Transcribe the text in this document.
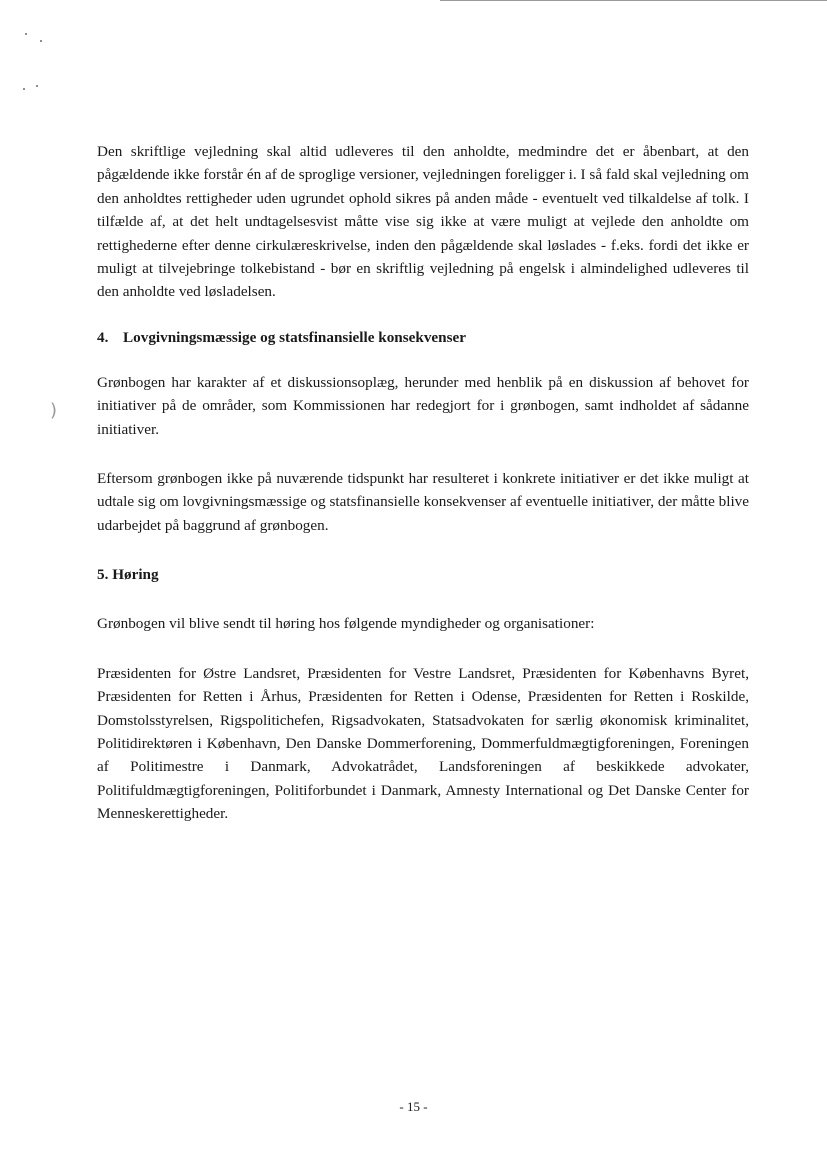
)

Den skriftlige vejledning skal altid udleveres til den anholdte, medmindre det er åbenbart, at den pågældende ikke forstår én af de sproglige versioner, vejledningen foreligger i. I så fald skal vejledning om den anholdtes rettigheder uden ugrundet ophold sikres på anden måde - eventuelt ved tilkaldelse af tolk. I tilfælde af, at det helt undtagelsesvist måtte vise sig ikke at være muligt at vejlede den anholdte om rettighederne efter denne cirkulæreskrivelse, inden den pågældende skal løslades - f.eks. fordi det ikke er muligt at tilvejebringe tolkebistand - bør en skriftlig vejledning på engelsk i almindelighed udleveres til den anholdte ved løsladelsen.

4. Lovgivningsmæssige og statsfinansielle konsekvenser

Grønbogen har karakter af et diskussionsoplæg, herunder med henblik på en diskussion af behovet for initiativer på de områder, som Kommissionen har redegjort for i grønbogen, samt indholdet af sådanne initiativer.

Eftersom grønbogen ikke på nuværende tidspunkt har resulteret i konkrete initiativer er det ikke muligt at udtale sig om lovgivningsmæssige og statsfinansielle konsekvenser af eventuelle initiativer, der måtte blive udarbejdet på baggrund af grønbogen.

5. Høring

Grønbogen vil blive sendt til høring hos følgende myndigheder og organisationer:

Præsidenten for Østre Landsret, Præsidenten for Vestre Landsret, Præsidenten for Københavns Byret, Præsidenten for Retten i Århus, Præsidenten for Retten i Odense, Præsidenten for Retten i Roskilde, Domstolsstyrelsen, Rigspolitichefen, Rigsadvokaten, Statsadvokaten for særlig økonomisk kriminalitet, Politidirektøren i København, Den Danske Dommerforening, Dommerfuldmægtigforeningen, Foreningen af Politimestre i Danmark, Advokatrådet, Landsforeningen af beskikkede advokater, Politifuldmægtigforeningen, Politiforbundet i Danmark, Amnesty International og Det Danske Center for Menneskerettigheder.

- 15 -
